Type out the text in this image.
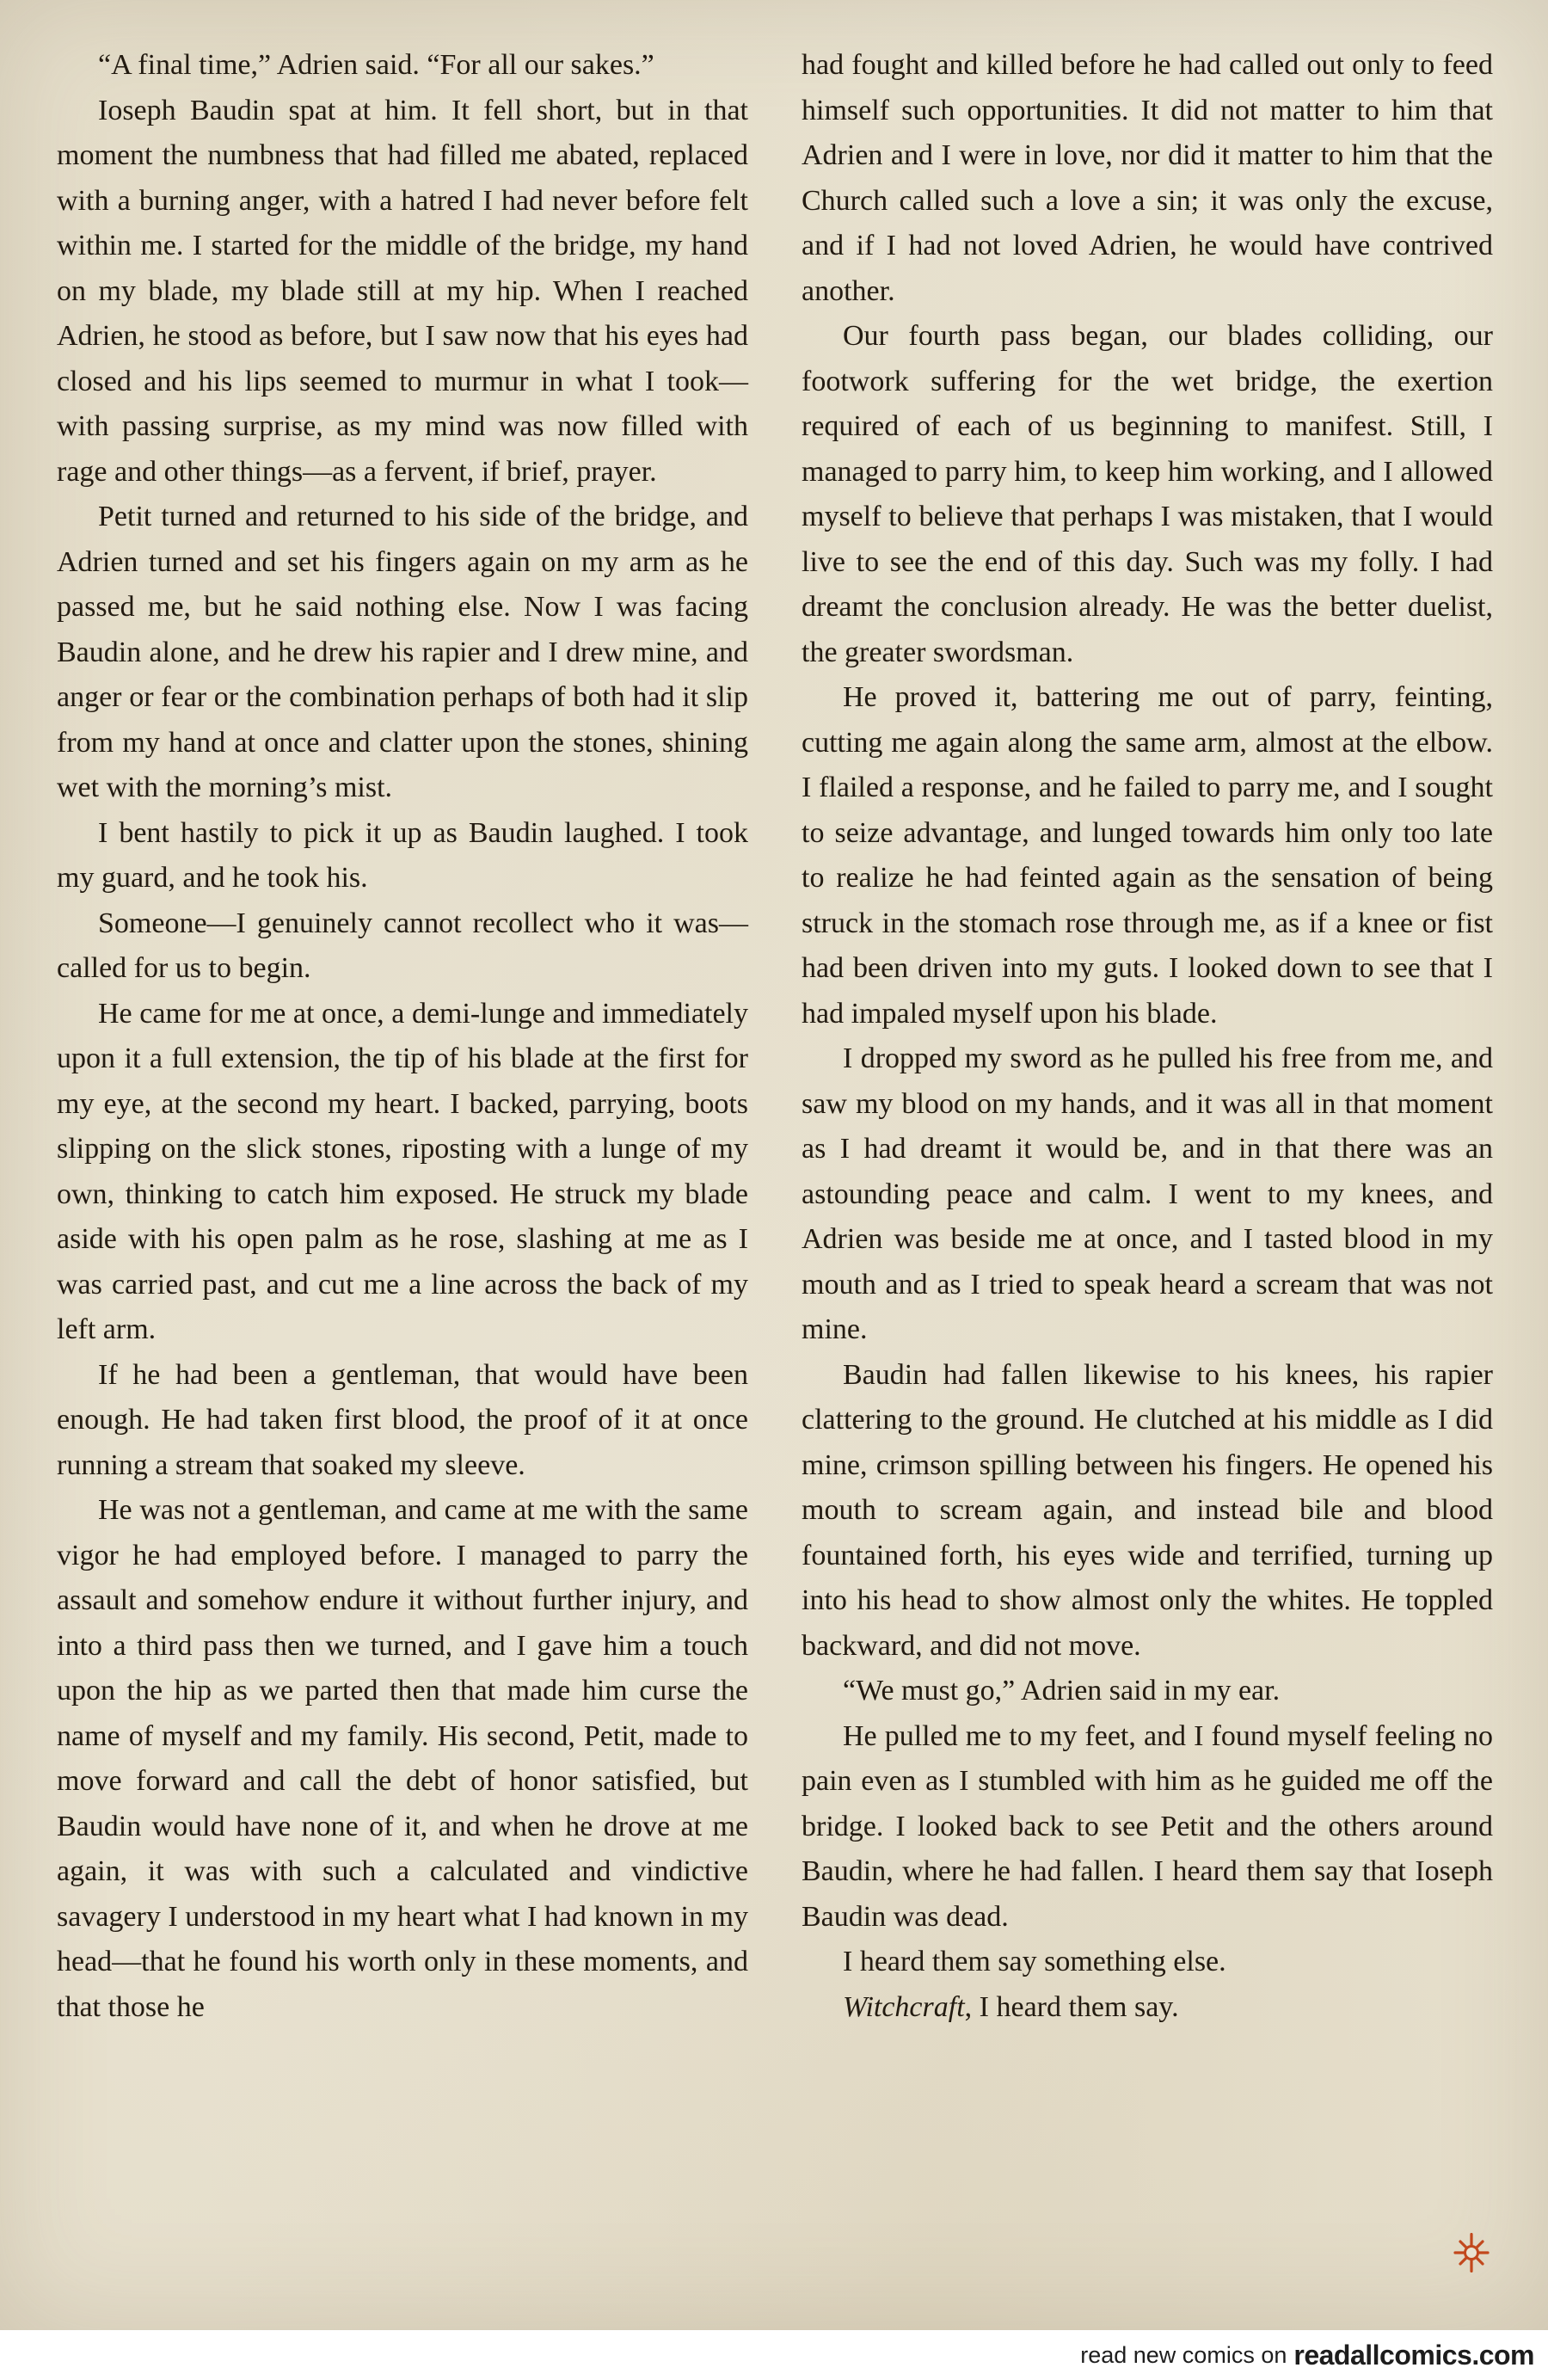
“A final time,” Adrien said. “For all our sakes.”

Ioseph Baudin spat at him. It fell short, but in that moment the numbness that had filled me abated, replaced with a burning anger, with a hatred I had never before felt within me. I started for the middle of the bridge, my hand on my blade, my blade still at my hip. When I reached Adrien, he stood as before, but I saw now that his eyes had closed and his lips seemed to murmur in what I took—with passing surprise, as my mind was now filled with rage and other things—as a fervent, if brief, prayer.

Petit turned and returned to his side of the bridge, and Adrien turned and set his fingers again on my arm as he passed me, but he said nothing else. Now I was facing Baudin alone, and he drew his rapier and I drew mine, and anger or fear or the combination perhaps of both had it slip from my hand at once and clatter upon the stones, shining wet with the morning’s mist.

I bent hastily to pick it up as Baudin laughed. I took my guard, and he took his.

Someone—I genuinely cannot recollect who it was—called for us to begin.

He came for me at once, a demi-lunge and immediately upon it a full extension, the tip of his blade at the first for my eye, at the second my heart. I backed, parrying, boots slipping on the slick stones, riposting with a lunge of my own, thinking to catch him exposed. He struck my blade aside with his open palm as he rose, slashing at me as I was carried past, and cut me a line across the back of my left arm.

If he had been a gentleman, that would have been enough. He had taken first blood, the proof of it at once running a stream that soaked my sleeve.

He was not a gentleman, and came at me with the same vigor he had employed before. I managed to parry the assault and somehow endure it without further injury, and into a third pass then we turned, and I gave him a touch upon the hip as we parted then that made him curse the name of myself and my family. His second, Petit, made to move forward and call the debt of honor satisfied, but Baudin would have none of it, and when he drove at me again, it was with such a calculated and vindictive savagery I understood in my heart what I had known in my head—that he found his worth only in these moments, and that those he

had fought and killed before he had called out only to feed himself such opportunities. It did not matter to him that Adrien and I were in love, nor did it matter to him that the Church called such a love a sin; it was only the excuse, and if I had not loved Adrien, he would have contrived another.

Our fourth pass began, our blades colliding, our footwork suffering for the wet bridge, the exertion required of each of us beginning to manifest. Still, I managed to parry him, to keep him working, and I allowed myself to believe that perhaps I was mistaken, that I would live to see the end of this day. Such was my folly. I had dreamt the conclusion already. He was the better duelist, the greater swordsman.

He proved it, battering me out of parry, feinting, cutting me again along the same arm, almost at the elbow. I flailed a response, and he failed to parry me, and I sought to seize advantage, and lunged towards him only too late to realize he had feinted again as the sensation of being struck in the stomach rose through me, as if a knee or fist had been driven into my guts. I looked down to see that I had impaled myself upon his blade.

I dropped my sword as he pulled his free from me, and saw my blood on my hands, and it was all in that moment as I had dreamt it would be, and in that there was an astounding peace and calm. I went to my knees, and Adrien was beside me at once, and I tasted blood in my mouth and as I tried to speak heard a scream that was not mine.

Baudin had fallen likewise to his knees, his rapier clattering to the ground. He clutched at his middle as I did mine, crimson spilling between his fingers. He opened his mouth to scream again, and instead bile and blood fountained forth, his eyes wide and terrified, turning up into his head to show almost only the whites. He toppled backward, and did not move.

“We must go,” Adrien said in my ear.

He pulled me to my feet, and I found myself feeling no pain even as I stumbled with him as he guided me off the bridge. I looked back to see Petit and the others around Baudin, where he had fallen. I heard them say that Ioseph Baudin was dead.

I heard them say something else.

Witchcraft, I heard them say.

read new comics on readallcomics.com
